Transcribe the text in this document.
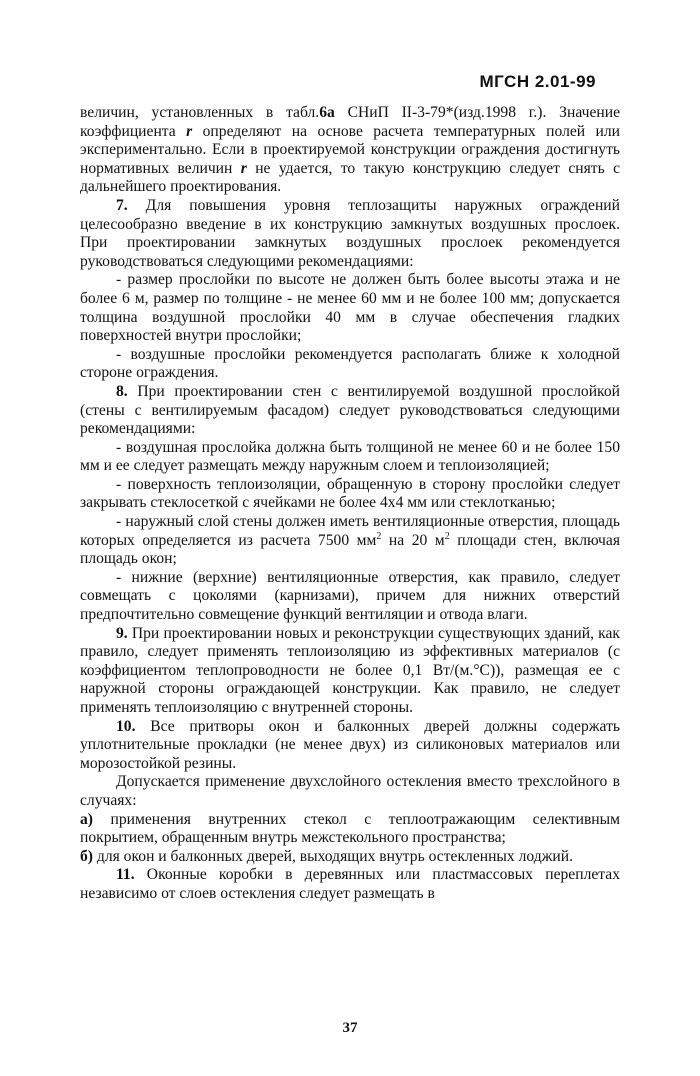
МГСН 2.01-99

величин, установленных в табл.6а СНиП II-3-79*(изд.1998 г.). Значение коэффициента r определяют на основе расчета температурных полей или экспериментально. Если в проектируемой конструкции ограждения достигнуть нормативных величин r не удается, то такую конструкцию следует снять с дальнейшего проектирования.

7. Для повышения уровня теплозащиты наружных ограждений целесообразно введение в их конструкцию замкнутых воздушных прослоек. При проектировании замкнутых воздушных прослоек рекомендуется руководствоваться следующими рекомендациями:

- размер прослойки по высоте не должен быть более высоты этажа и не более 6 м, размер по толщине - не менее 60 мм и не более 100 мм; допускается толщина воздушной прослойки 40 мм в случае обеспечения гладких поверхностей внутри прослойки;

- воздушные прослойки рекомендуется располагать ближе к холодной стороне ограждения.

8. При проектировании стен с вентилируемой воздушной прослойкой (стены с вентилируемым фасадом) следует руководствоваться следующими рекомендациями:

- воздушная прослойка должна быть толщиной не менее 60 и не более 150 мм и ее следует размещать между наружным слоем и теплоизоляцией;

- поверхность теплоизоляции, обращенную в сторону прослойки следует закрывать стеклосеткой с ячейками не более 4х4 мм или стеклотканью;

- наружный слой стены должен иметь вентиляционные отверстия, площадь которых определяется из расчета 7500 $мм^2$ на 20 $м^2$ площади стен, включая площадь окон;

- нижние (верхние) вентиляционные отверстия, как правило, следует совмещать с цоколями (карнизами), причем для нижних отверстий предпочтительно совмещение функций вентиляции и отвода влаги.

9. При проектировании новых и реконструкции существующих зданий, как правило, следует применять теплоизоляцию из эффективных материалов (с коэффициентом теплопроводности не более 0,1 Вт/(м.°С)), размещая ее с наружной стороны ограждающей конструкции. Как правило, не следует применять теплоизоляцию с внутренней стороны.

10. Все притворы окон и балконных дверей должны содержать уплотнительные прокладки (не менее двух) из силиконовых материалов или морозостойкой резины.

Допускается применение двухслойного остекления вместо трехслойного в случаях:

а) применения внутренних стекол с теплоотражающим селективным покрытием, обращенным внутрь межстекольного пространства;

б) для окон и балконных дверей, выходящих внутрь остекленных лоджий.

11. Оконные коробки в деревянных или пластмассовых переплетах независимо от слоев остекления следует размещать в

37
